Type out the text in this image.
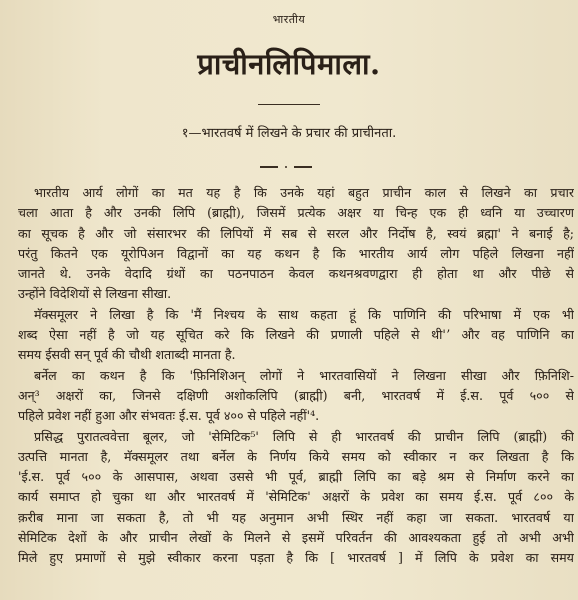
भारतीय
प्राचीनलिपिमाला.
१—भारतवर्ष में लिखने के प्रचार की प्राचीनता.
भारतीय आर्य लोगों का मत यह है कि उनके यहां बहुत प्राचीन काल से लिखने का प्रचार
चला आता है और उनकी लिपि (ब्राह्मी), जिसमें प्रत्येक अक्षर या चिन्ह एक ही ध्वनि या उच्चारण
का सूचक है और जो संसारभर की लिपियों में सब से सरल और निर्दोष है, स्वयं ब्रह्मा' ने बनाई है;
परंतु कितने एक यूरोपिअन विद्वानों का यह कथन है कि भारतीय आर्य लोग पहिले लिखना नहीं
जानते थे. उनके वेदादि ग्रंथों का पठनपाठन केवल कथनश्रवणद्वारा ही होता था और पीछे से
उन्होंने विदेशियों से लिखना सीखा.
मॅक्समूलर ने लिखा है कि 'मैं निश्चय के साथ कहता हूं कि पाणिनि की परिभाषा में एक भी
शब्द ऐसा नहीं है जो यह सूचित करे कि लिखने की प्रणाली पहिले से थी'ʼ और वह पाणिनि का
समय ईसवी सन् पूर्व की चौथी शताब्दी मानता है.
बर्नेल का कथन है कि 'फ़िनिशिअन् लोगों ने भारतवासियों ने लिखना सीखा और फ़िनिशि-
अन्³ अक्षरों का, जिनसे दक्षिणी अशोकलिपि (ब्राह्मी) बनी, भारतवर्ष में ई.स. पूर्व ५०० से
पहिले प्रवेश नहीं हुआ और संभवतः ई.स. पूर्व ४०० से पहिले नहीं'⁴.
प्रसिद्ध पुरातत्ववेत्ता बूलर, जो 'सेमिटिक⁵' लिपि से ही भारतवर्ष की प्राचीन लिपि (ब्राह्मी) की
उत्पत्ति मानता है, मॅक्समूलर तथा बर्नेल के निर्णय किये समय को स्वीकार न कर लिखता है कि
'ई.स. पूर्व ५०० के आसपास, अथवा उससे भी पूर्व, ब्राह्मी लिपि का बड़े श्रम से निर्माण करने का
कार्य समाप्त हो चुका था और भारतवर्ष में 'सेमिटिक' अक्षरों के प्रवेश का समय ई.स. पूर्व ८०० के
क़रीब माना जा सकता है, तो भी यह अनुमान अभी स्थिर नहीं कहा जा सकता. भारतवर्ष या
सेमिटिक देशों के और प्राचीन लेखों के मिलने से इसमें परिवर्तन की आवश्यकता हुई तो अभी अभी
मिले हुए प्रमाणों से मुझे स्वीकार करना पड़ता है कि [ भारतवर्ष ] में लिपि के प्रवेश का समय
